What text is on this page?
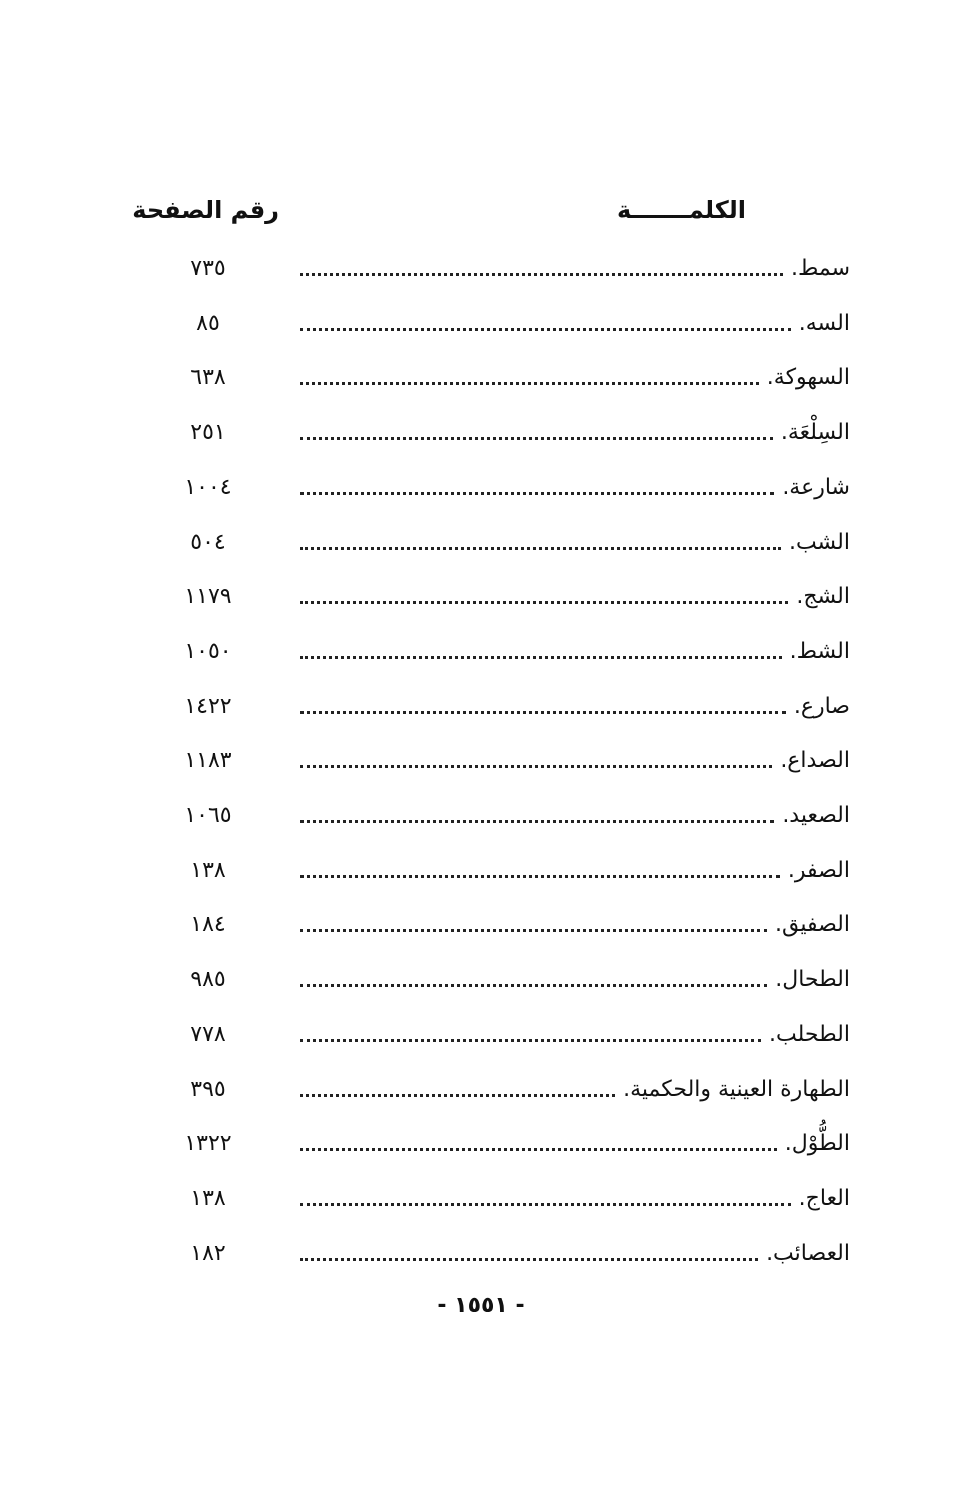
الكلمـــــــة
رقم الصفحة
سمط.
٧٣٥
السه.
٨٥
السهوكة.
٦٣٨
السِلْعَة.
٢٥١
شارعة.
١٠٠٤
الشب.
٥٠٤
الشج.
١١٧٩
الشط.
١٠٥٠
صارع.
١٤٢٢
الصداع.
١١٨٣
الصعيد.
١٠٦٥
الصفر.
١٣٨
الصفيق.
١٨٤
الطحال.
٩٨٥
الطحلب.
٧٧٨
الطهارة العينية والحكمية.
٣٩٥
الطُّوْل.
١٣٢٢
العاج.
١٣٨
العصائب.
١٨٢
- ١٥٥١ -
